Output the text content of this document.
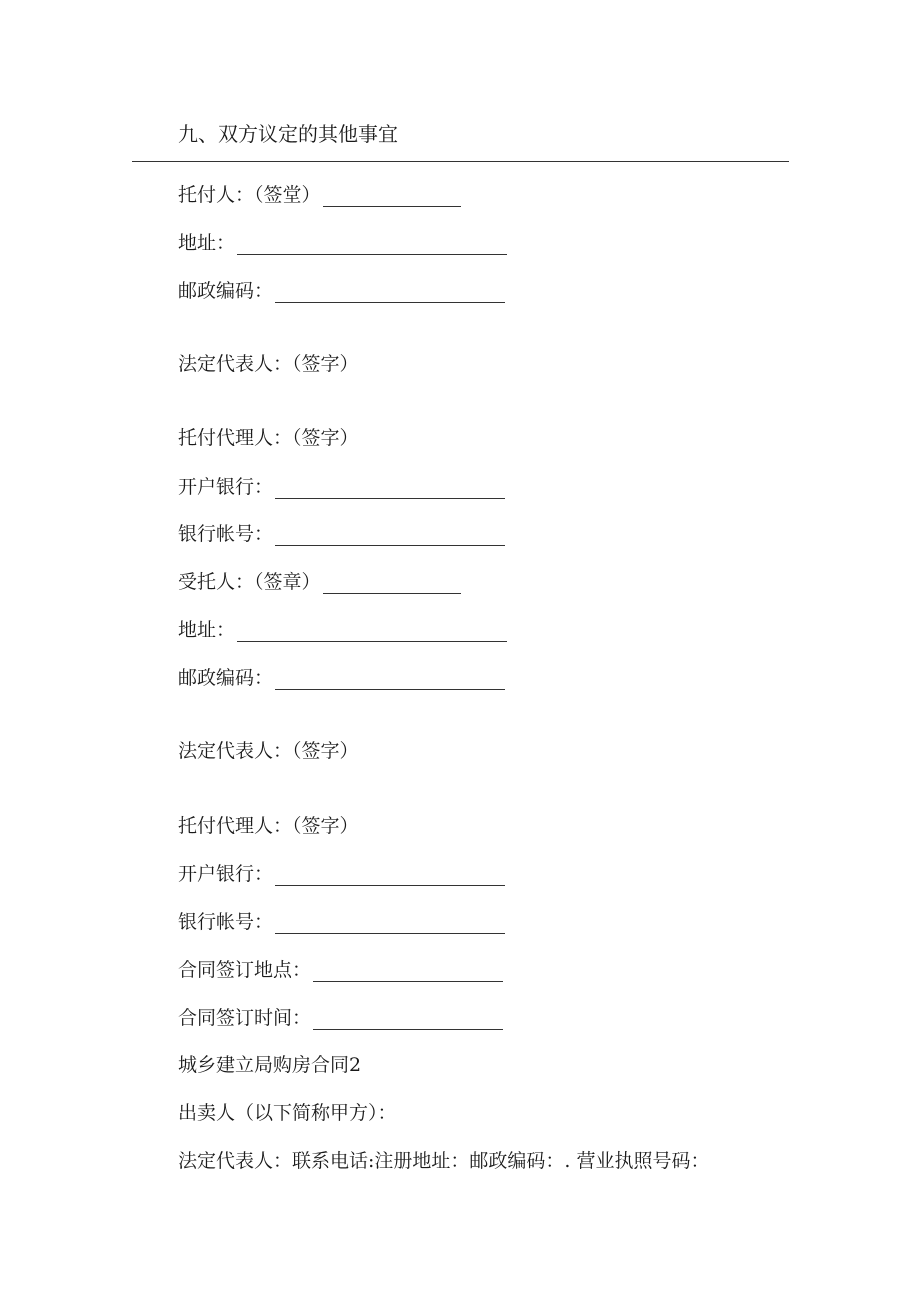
九、双方议定的其他事宜
托付人：（签堂）
地址：
邮政编码：
法定代表人：（签字）
托付代理人：（签字）
开户银行：
银行帐号：
受托人：（签章）
地址：
邮政编码：
法定代表人：（签字）
托付代理人：（签字）
开户银行：
银行帐号：
合同签订地点：
合同签订时间：
城乡建立局购房合同2
出卖人（以下简称甲方）：
法定代表人：联系电话:注册地址：邮政编码：. 营业执照号码：
